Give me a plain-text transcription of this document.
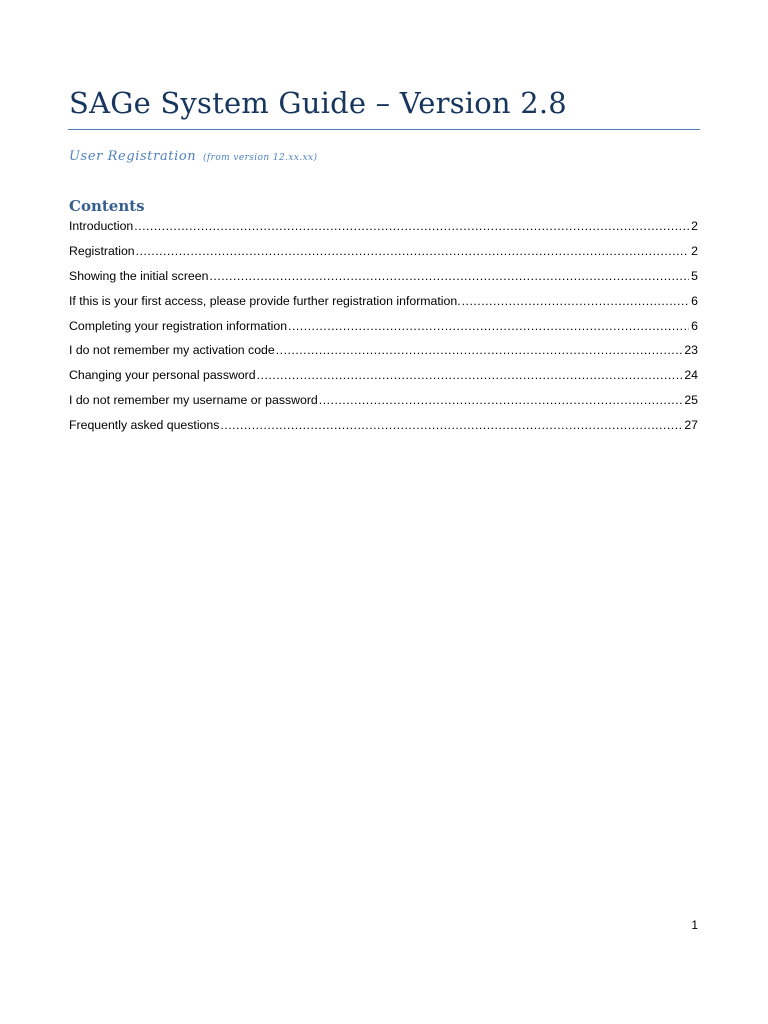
SAGe System Guide – Version 2.8
User Registration (from version 12.xx.xx)
Contents
Introduction .....	2
Registration .....	2
Showing the initial screen .....	5
If this is your first access, please provide further registration information. .....	6
Completing your registration information .....	6
I do not remember my activation code .....	23
Changing your personal password .....	24
I do not remember my username or password .....	25
Frequently asked questions .....	27
1
